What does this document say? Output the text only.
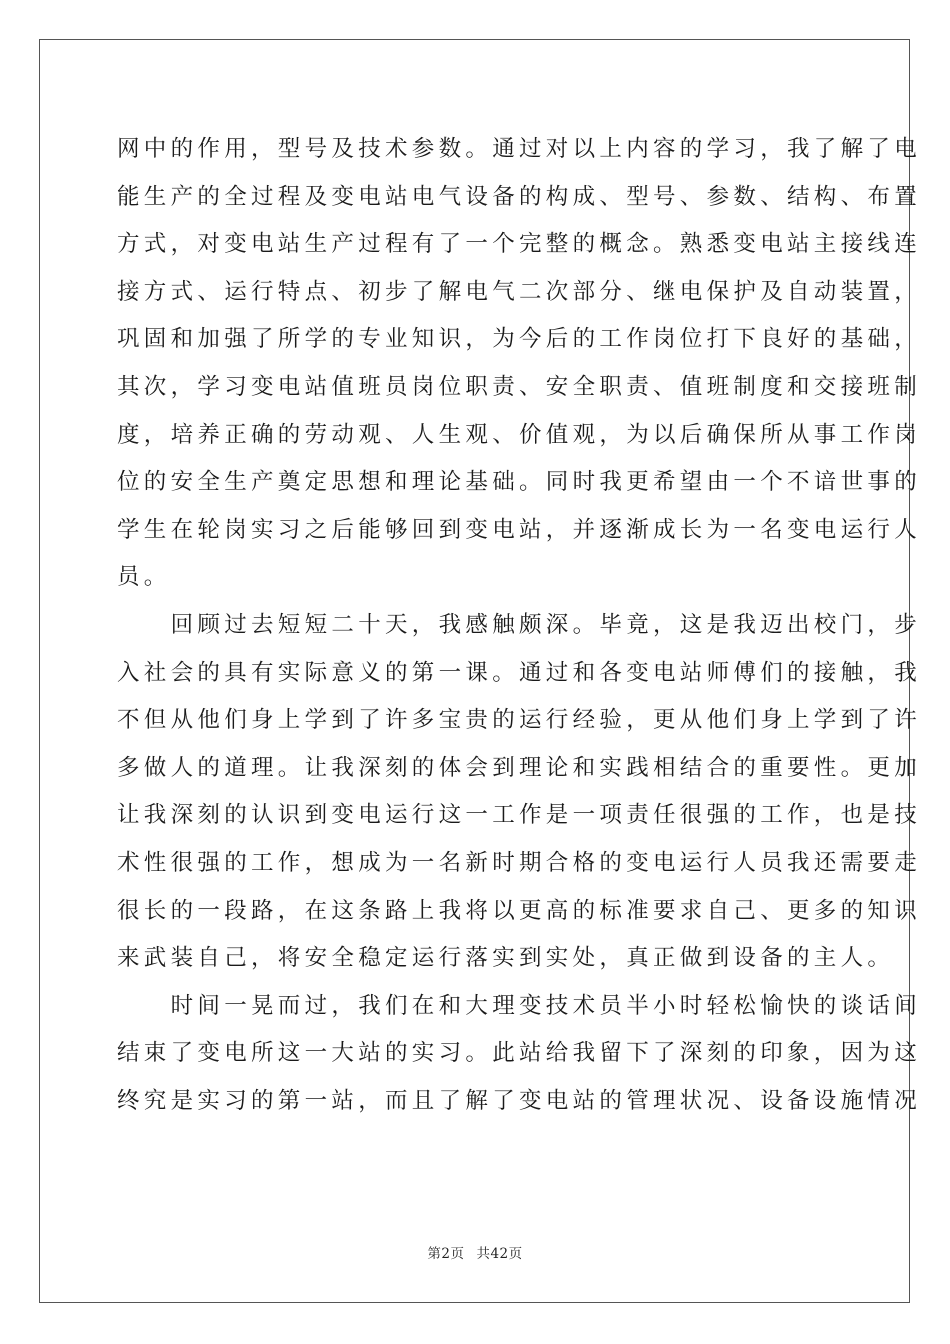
网中的作用，型号及技术参数。通过对以上内容的学习，我了解了电
能生产的全过程及变电站电气设备的构成、型号、参数、结构、布置
方式，对变电站生产过程有了一个完整的概念。熟悉变电站主接线连
接方式、运行特点、初步了解电气二次部分、继电保护及自动装置，
巩固和加强了所学的专业知识，为今后的工作岗位打下良好的基础，
其次，学习变电站值班员岗位职责、安全职责、值班制度和交接班制
度，培养正确的劳动观、人生观、价值观，为以后确保所从事工作岗
位的安全生产奠定思想和理论基础。同时我更希望由一个不谙世事的
学生在轮岗实习之后能够回到变电站，并逐渐成长为一名变电运行人
员。
　　回顾过去短短二十天，我感触颇深。毕竟，这是我迈出校门，步
入社会的具有实际意义的第一课。通过和各变电站师傅们的接触，我
不但从他们身上学到了许多宝贵的运行经验，更从他们身上学到了许
多做人的道理。让我深刻的体会到理论和实践相结合的重要性。更加
让我深刻的认识到变电运行这一工作是一项责任很强的工作，也是技
术性很强的工作，想成为一名新时期合格的变电运行人员我还需要走
很长的一段路，在这条路上我将以更高的标准要求自己、更多的知识
来武装自己，将安全稳定运行落实到实处，真正做到设备的主人。
　　时间一晃而过，我们在和大理变技术员半小时轻松愉快的谈话间
结束了变电所这一大站的实习。此站给我留下了深刻的印象，因为这
终究是实习的第一站，而且了解了变电站的管理状况、设备设施情况
第2页 共42页
